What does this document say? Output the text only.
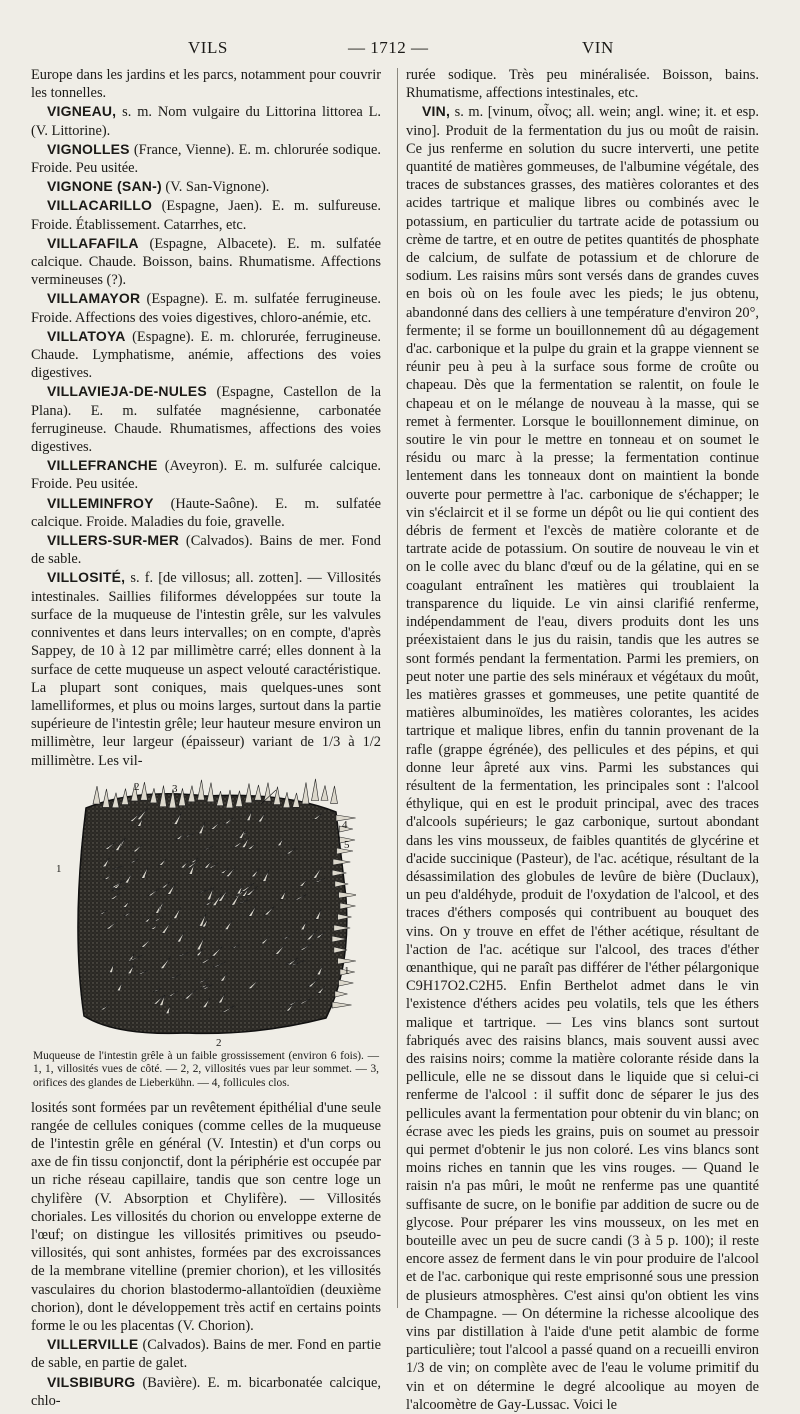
VILS	— 1712 —	VIN

Europe dans les jardins et les parcs, notamment pour couvrir les tonnelles.

VIGNEAU, s. m. Nom vulgaire du Littorina littorea L. (V. Littorine).

VIGNOLLES (France, Vienne). E. m. chlorurée sodique. Froide. Peu usitée.

VIGNONE (SAN-) (V. San-Vignone).

VILLACARILLO (Espagne, Jaen). E. m. sulfureuse. Froide. Établissement. Catarrhes, etc.

VILLAFAFILA (Espagne, Albacete). E. m. sulfatée calcique. Chaude. Boisson, bains. Rhumatisme. Affections vermineuses (?).

VILLAMAYOR (Espagne). E. m. sulfatée ferrugineuse. Froide. Affections des voies digestives, chloro-anémie, etc.

VILLATOYA (Espagne). E. m. chlorurée, ferrugineuse. Chaude. Lymphatisme, anémie, affections des voies digestives.

VILLAVIEJA-DE-NULES (Espagne, Castellon de la Plana). E. m. sulfatée magnésienne, carbonatée ferrugineuse. Chaude. Rhumatismes, affections des voies digestives.

VILLEFRANCHE (Aveyron). E. m. sulfurée calcique. Froide. Peu usitée.

VILLEMINFROY (Haute-Saône). E. m. sulfatée calcique. Froide. Maladies du foie, gravelle.

VILLERS-SUR-MER (Calvados). Bains de mer. Fond de sable.

VILLOSITÉ, s. f. [de villosus; all. zotten]. — Villosités intestinales. Saillies filiformes développées sur toute la surface de la muqueuse de l'intestin grêle, sur les valvules conniventes et dans leurs intervalles; on en compte, d'après Sappey, de 10 à 12 par millimètre carré; elles donnent à la surface de cette muqueuse un aspect velouté caractéristique. La plupart sont coniques, mais quelques-unes sont lamelliformes, et plus ou moins larges, surtout dans la partie supérieure de l'intestin grêle; leur hauteur mesure environ un millimètre, leur largeur (épaisseur) variant de 1/3 à 1/2 millimètre. Les vil-

2	3
4
5
1
1
2

Muqueuse de l'intestin grêle à un faible grossissement (environ 6 fois). — 1, 1, villosités vues de côté. — 2, 2, villosités vues par leur sommet. — 3, orifices des glandes de Lieberkühn. — 4, follicules clos.

losités sont formées par un revêtement épithélial d'une seule rangée de cellules coniques (comme celles de la muqueuse de l'intestin grêle en général (V. Intestin) et d'un corps ou axe de fin tissu conjonctif, dont la périphérie est occupée par un riche réseau capillaire, tandis que son centre loge un chylifère (V. Absorption et Chylifère). — Villosités choriales. Les villosités du chorion ou enveloppe externe de l'œuf; on distingue les villosités primitives ou pseudo-villosités, qui sont anhistes, formées par des excroissances de la membrane vitelline (premier chorion), et les villosités vasculaires du chorion blastodermo-allantoïdien (deuxième chorion), dont le développement très actif en certains points forme le ou les placentas (V. Chorion).

VILLERVILLE (Calvados). Bains de mer. Fond en partie de sable, en partie de galet.

VILSBIBURG (Bavière). E. m. bicarbonatée calcique, chlo-

rurée sodique. Très peu minéralisée. Boisson, bains. Rhumatisme, affections intestinales, etc.

VIN, s. m. [vinum, οἶνος; all. wein; angl. wine; it. et esp. vino]. Produit de la fermentation du jus ou moût de raisin. Ce jus renferme en solution du sucre interverti, une petite quantité de matières gommeuses, de l'albumine végétale, des traces de substances grasses, des matières colorantes et des acides tartrique et malique libres ou combinés avec le potassium, en particulier du tartrate acide de potassium ou crème de tartre, et en outre de petites quantités de phosphate de calcium, de sulfate de potassium et de chlorure de sodium. Les raisins mûrs sont versés dans de grandes cuves en bois où on les foule avec les pieds; le jus obtenu, abandonné dans des celliers à une température d'environ 20°, fermente; il se forme un bouillonnement dû au dégagement d'ac. carbonique et la pulpe du grain et la grappe viennent se réunir peu à peu à la surface sous forme de croûte ou chapeau. Dès que la fermentation se ralentit, on foule le chapeau et on le mélange de nouveau à la masse, qui se remet à fermenter. Lorsque le bouillonnement diminue, on soutire le vin pour le mettre en tonneau et on soumet le résidu ou marc à la presse; la fermentation continue lentement dans les tonneaux dont on maintient la bonde ouverte pour permettre à l'ac. carbonique de s'échapper; le vin s'éclaircit et il se forme un dépôt ou lie qui contient des débris de ferment et l'excès de matière colorante et de tartrate acide de potassium. On soutire de nouveau le vin et on le colle avec du blanc d'œuf ou de la gélatine, qui en se coagulant entraînent les matières qui troublaient la transparence du liquide. Le vin ainsi clarifié renferme, indépendamment de l'eau, divers produits dont les uns préexistaient dans le jus du raisin, tandis que les autres se sont formés pendant la fermentation. Parmi les premiers, on peut noter une partie des sels minéraux et végétaux du moût, les matières grasses et gommeuses, une petite quantité de matières albuminoïdes, les matières colorantes, les acides tartrique et malique libres, enfin du tannin provenant de la rafle (grappe égrénée), des pellicules et des pépins, et qui donne leur âpreté aux vins. Parmi les substances qui résultent de la fermentation, les principales sont : l'alcool éthylique, qui en est le produit principal, avec des traces d'alcools supérieurs; le gaz carbonique, surtout abondant dans les vins mousseux, de faibles quantités de glycérine et d'acide succinique (Pasteur), de l'ac. acétique, résultant de la désassimilation des globules de levûre de bière (Duclaux), un peu d'aldéhyde, produit de l'oxydation de l'alcool, et des traces d'éthers composés qui contribuent au bouquet des vins. On y trouve en effet de l'éther acétique, résultant de l'action de l'ac. acétique sur l'alcool, des traces d'éther œnanthique, qui ne paraît pas différer de l'éther pélargonique C9H17O2.C2H5. Enfin Berthelot admet dans le vin l'existence d'éthers acides peu volatils, tels que les éthers malique et tartrique. — Les vins blancs sont surtout fabriqués avec des raisins blancs, mais souvent aussi avec des raisins noirs; comme la matière colorante réside dans la pellicule, elle ne se dissout dans le liquide que si celui-ci renferme de l'alcool : il suffit donc de séparer le jus des pellicules avant la fermentation pour obtenir du vin blanc; on écrase avec les pieds les grains, puis on soumet au pressoir qui permet d'obtenir le jus non coloré. Les vins blancs sont moins riches en tannin que les vins rouges. — Quand le raisin n'a pas mûri, le moût ne renferme pas une quantité suffisante de sucre, on le bonifie par addition de sucre ou de glycose. Pour préparer les vins mousseux, on les met en bouteille avec un peu de sucre candi (3 à 5 p. 100); il reste encore assez de ferment dans le vin pour produire de l'alcool et de l'ac. carbonique qui reste emprisonné sous une pression de plusieurs atmosphères. C'est ainsi qu'on obtient les vins de Champagne. — On détermine la richesse alcoolique des vins par distillation à l'aide d'une petit alambic de forme particulière; tout l'alcool a passé quand on a recueilli environ 1/3 de vin; on complète avec de l'eau le volume primitif du vin et on détermine le degré alcoolique au moyen de l'alcoomètre de Gay-Lussac. Voici le
